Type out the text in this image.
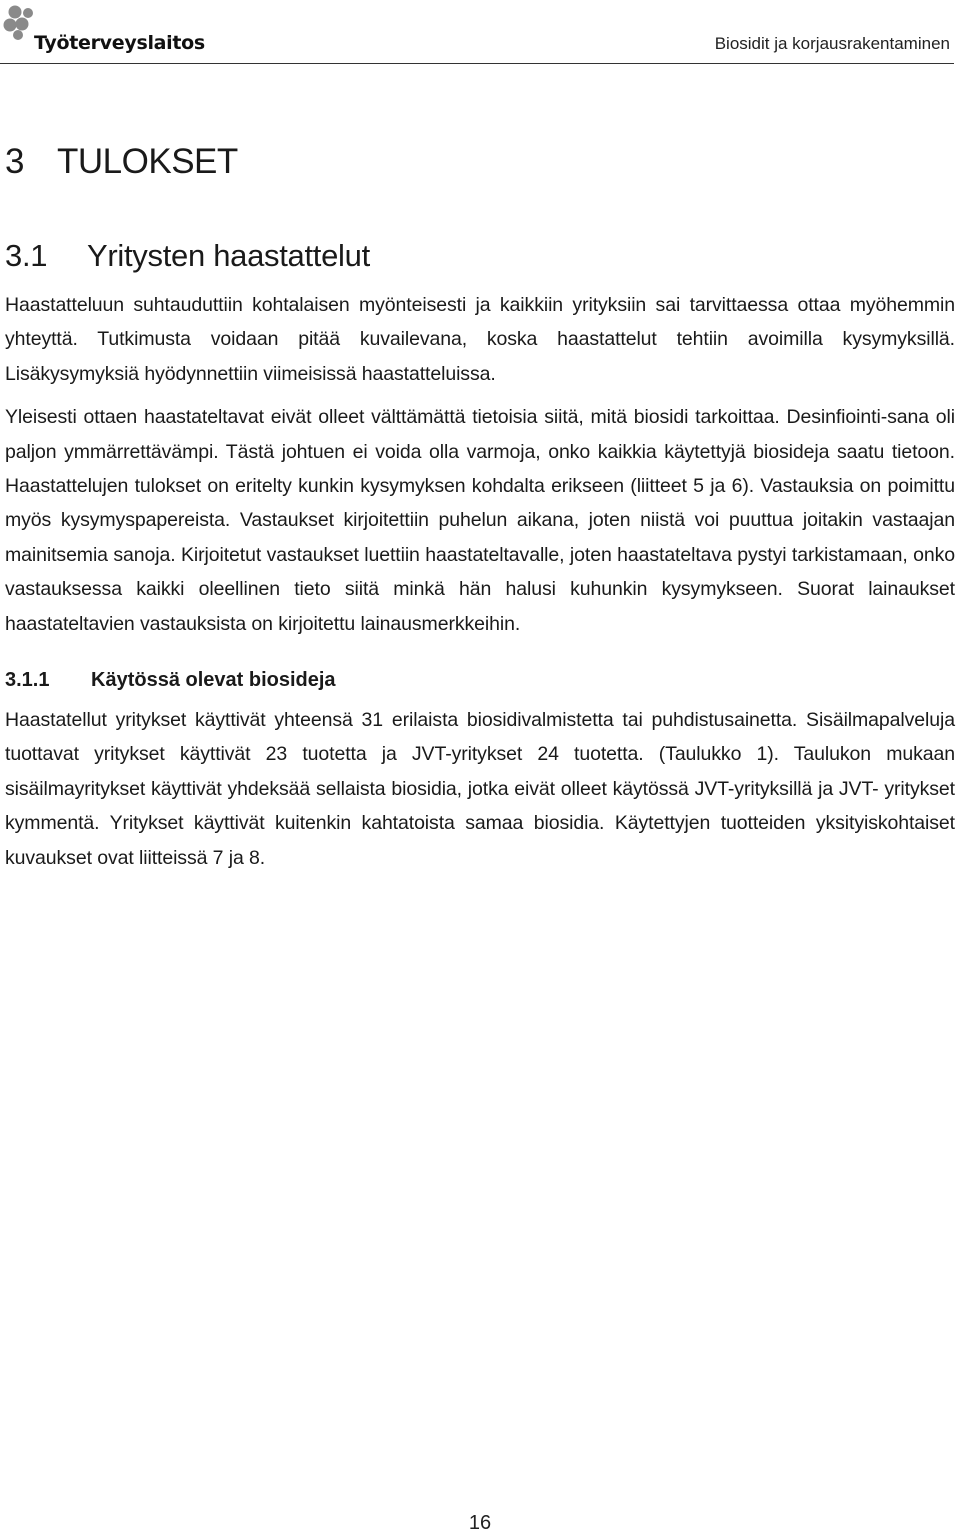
Työterveyslaitos	Biosidit ja korjausrakentaminen
3 TULOKSET
3.1	Yritysten haastattelut

Haastatteluun suhtauduttiin kohtalaisen myönteisesti ja kaikkiin yrityksiin sai tarvittaessa ottaa myöhemmin yhteyttä. Tutkimusta voidaan pitää kuvailevana, koska haastattelut tehtiin avoimilla kysymyksillä. Lisäkysymyksiä hyödynnettiin viimeisissä haastatteluissa.

Yleisesti ottaen haastateltavat eivät olleet välttämättä tietoisia siitä, mitä biosidi tarkoittaa. Desinfiointi-sana oli paljon ymmärrettävämpi. Tästä johtuen ei voida olla varmoja, onko kaikkia käytettyjä biosideja saatu tietoon. Haastattelujen tulokset on eritelty kunkin kysymyksen kohdalta erikseen (liitteet 5 ja 6). Vastauksia on poimittu myös kysymyspapereista. Vastaukset kirjoitettiin puhelun aikana, joten niistä voi puuttua joitakin vastaajan mainitsemia sanoja. Kirjoitetut vastaukset luettiin haastateltavalle, joten haastateltava pystyi tarkistamaan, onko vastauksessa kaikki oleellinen tieto siitä minkä hän halusi kuhunkin kysymykseen. Suorat lainaukset haastateltavien vastauksista on kirjoitettu lainausmerkkeihin.

3.1.1	Käytössä olevat biosideja

Haastatellut yritykset käyttivät yhteensä 31 erilaista biosidivalmistetta tai puhdistusainetta. Sisäilmapalveluja tuottavat yritykset käyttivät 23 tuotetta ja JVT-yritykset 24 tuotetta. (Taulukko 1). Taulukon mukaan sisäilmayritykset käyttivät yhdeksää sellaista biosidia, jotka eivät olleet käytössä JVT-yrityksillä ja JVT- yritykset kymmentä. Yritykset käyttivät kuitenkin kahtatoista samaa biosidia. Käytettyjen tuotteiden yksityiskohtaiset kuvaukset ovat liitteissä 7 ja 8.

16
